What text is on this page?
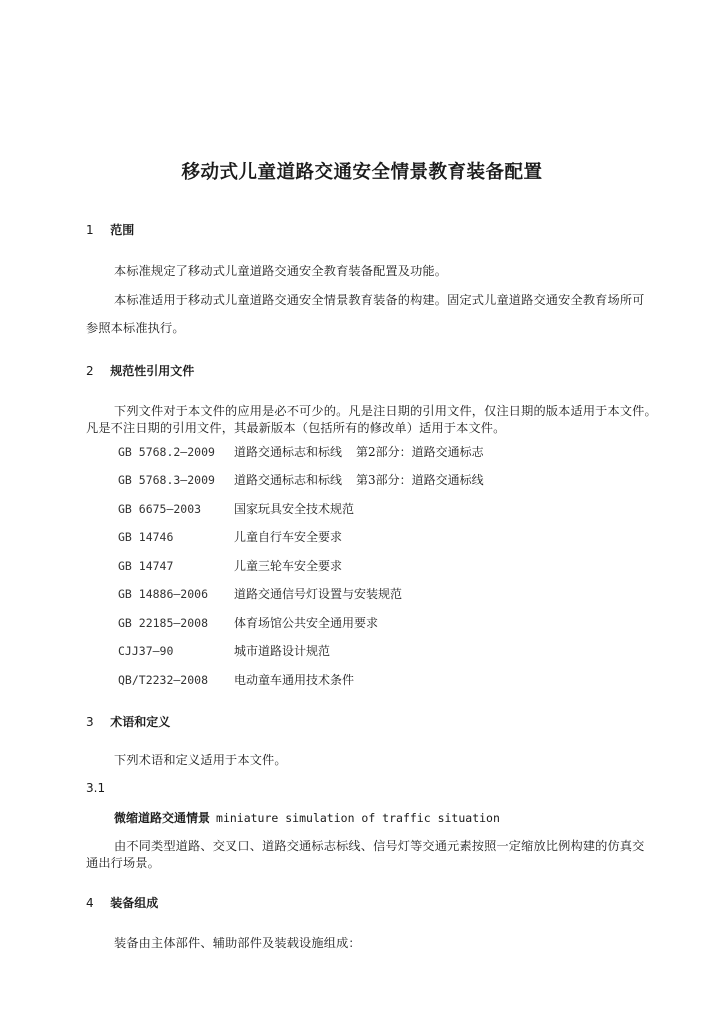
移动式儿童道路交通安全情景教育装备配置
1 范围
本标准规定了移动式儿童道路交通安全教育装备配置及功能。
本标准适用于移动式儿童道路交通安全情景教育装备的构建。固定式儿童道路交通安全教育场所可
参照本标准执行。
2 规范性引用文件
下列文件对于本文件的应用是必不可少的。凡是注日期的引用文件，仅注日期的版本适用于本文件。
凡是不注日期的引用文件，其最新版本（包括所有的修改单）适用于本文件。
GB 5768.2—2009 道路交通标志和标线 第2部分：道路交通标志
GB 5768.3—2009 道路交通标志和标线 第3部分：道路交通标线
GB 6675—2003	国家玩具安全技术规范
GB 14746	儿童自行车安全要求
GB 14747	儿童三轮车安全要求
GB 14886—2006 道路交通信号灯设置与安装规范
GB 22185—2008 体育场馆公共安全通用要求
CJJ37—90	城市道路设计规范
QB/T2232—2008 电动童车通用技术条件
3 术语和定义
下列术语和定义适用于本文件。
3.1
微缩道路交通情景 miniature simulation of traffic situation
由不同类型道路、交叉口、道路交通标志标线、信号灯等交通元素按照一定缩放比例构建的仿真交
通出行场景。
4 装备组成
装备由主体部件、辅助部件及装载设施组成：
